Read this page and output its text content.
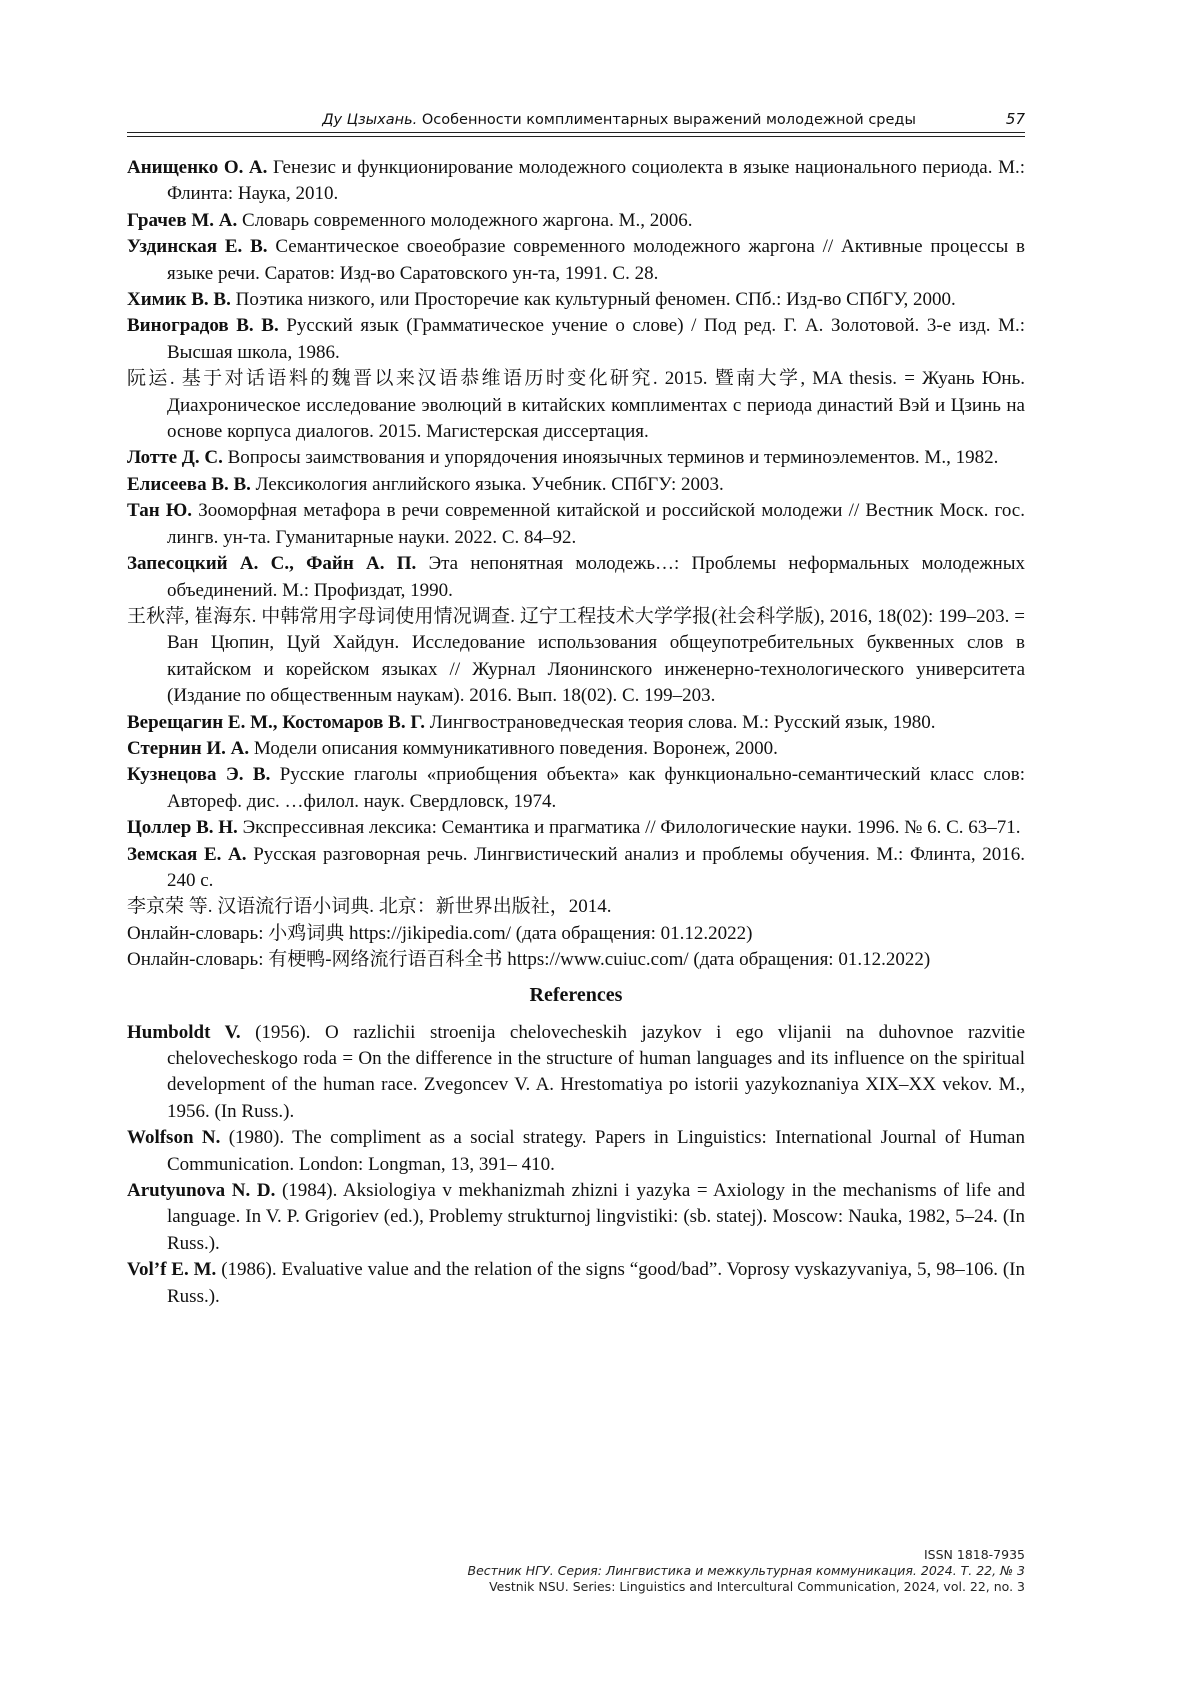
Ду Цзыхань. Особенности комплиментарных выражений молодежной среды	57

Анищенко О. А. Генезис и функционирование молодежного социолекта в языке национального периода. М.: Флинта: Наука, 2010.

Грачев М. А. Словарь современного молодежного жаргона. М., 2006.

Уздинская Е. В. Семантическое своеобразие современного молодежного жаргона // Активные процессы в языке речи. Саратов: Изд-во Саратовского ун-та, 1991. С. 28.

Химик В. В. Поэтика низкого, или Просторечие как культурный феномен. СПб.: Изд-во СПбГУ, 2000.

Виноградов В. В. Русский язык (Грамматическое учение о слове) / Под ред. Г. А. Золотовой. 3-е изд. М.: Высшая школа, 1986.

阮运. 基于对话语料的魏晋以来汉语恭维语历时变化研究. 2015. 暨南大学, MA thesis. = Жуань Юнь. Диахроническое исследование эволюций в китайских комплиментах с периода династий Вэй и Цзинь на основе корпуса диалогов. 2015. Магистерская диссертация.

Лотте Д. С. Вопросы заимствования и упорядочения иноязычных терминов и терминоэлементов. М., 1982.

Елисеева В. В. Лексикология английского языка. Учебник. СПбГУ: 2003.

Тан Ю. Зооморфная метафора в речи современной китайской и российской молодежи // Вестник Моск. гос. лингв. ун-та. Гуманитарные науки. 2022. С. 84–92.

Запесоцкий А. С., Файн А. П. Эта непонятная молодежь…: Проблемы неформальных молодежных объединений. М.: Профиздат, 1990.

王秋萍, 崔海东. 中韩常用字母词使用情况调查. 辽宁工程技术大学学报(社会科学版), 2016, 18(02): 199–203. = Ван Цюпин, Цуй Хайдун. Исследование использования общеупотребительных буквенных слов в китайском и корейском языках // Журнал Ляонинского инженерно-технологического университета (Издание по общественным наукам). 2016. Вып. 18(02). С. 199–203.

Верещагин Е. М., Костомаров В. Г. Лингвострановедческая теория слова. М.: Русский язык, 1980.

Стернин И. А. Модели описания коммуникативного поведения. Воронеж, 2000.

Кузнецова Э. В. Русские глаголы «приобщения объекта» как функционально-семантический класс слов: Автореф. дис. …филол. наук. Свердловск, 1974.

Цоллер В. Н. Экспрессивная лексика: Семантика и прагматика // Филологические науки. 1996. № 6. С. 63–71.

Земская Е. А. Русская разговорная речь. Лингвистический анализ и проблемы обучения. М.: Флинта, 2016. 240 с.

李京荣 等. 汉语流行语小词典. 北京：新世界出版社，2014.

Онлайн-словарь: 小鸡词典 https://jikipedia.com/ (дата обращения: 01.12.2022)

Онлайн-словарь: 有梗鸭-网络流行语百科全书 https://www.cuiuc.com/ (дата обращения: 01.12.2022)

References

Humboldt V. (1956). O razlichii stroenija chelovecheskih jazykov i ego vlijanii na duhovnoe razvitie chelovecheskogo roda = On the difference in the structure of human languages and its influence on the spiritual development of the human race. Zvegoncev V. A. Hrestomatiya po istorii yazykoznaniya XIX–XX vekov. M., 1956. (In Russ.).

Wolfson N. (1980). The compliment as a social strategy. Papers in Linguistics: International Journal of Human Communication. London: Longman, 13, 391– 410.

Arutyunova N. D. (1984). Aksiologiya v mekhanizmah zhizni i yazyka = Axiology in the mechanisms of life and language. In V. P. Grigoriev (ed.), Problemy strukturnoj lingvistiki: (sb. statej). Moscow: Nauka, 1982, 5–24. (In Russ.).

Vol’f E. M. (1986). Evaluative value and the relation of the signs “good/bad”. Voprosy vyskazyvaniya, 5, 98–106. (In Russ.).

ISSN 1818-7935
Вестник НГУ. Серия: Лингвистика и межкультурная коммуникация. 2024. Т. 22, № 3
Vestnik NSU. Series: Linguistics and Intercultural Communication, 2024, vol. 22, no. 3
